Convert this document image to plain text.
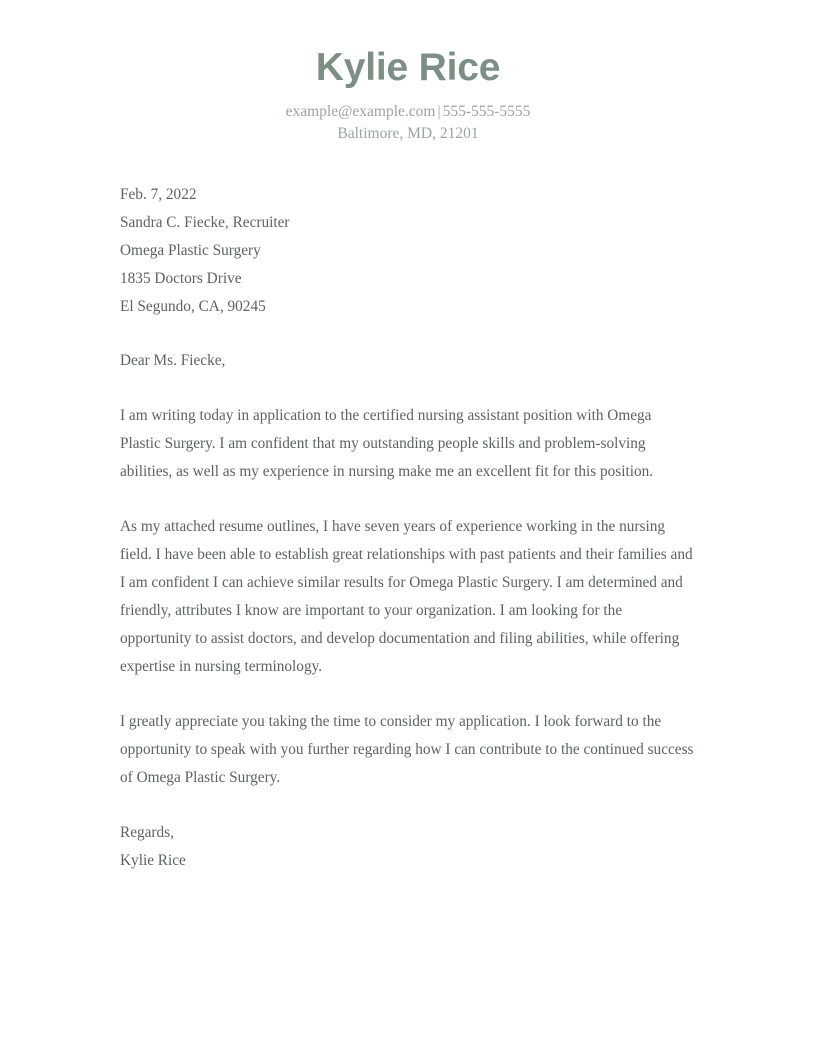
Kylie Rice

example@example.com | 555-555-5555

Baltimore, MD, 21201

Feb. 7, 2022

Sandra C. Fiecke, Recruiter

Omega Plastic Surgery

1835 Doctors Drive

El Segundo, CA, 90245

Dear Ms. Fiecke,

I am writing today in application to the certified nursing assistant position with Omega Plastic Surgery. I am confident that my outstanding people skills and problem-solving abilities, as well as my experience in nursing make me an excellent fit for this position.

As my attached resume outlines, I have seven years of experience working in the nursing field. I have been able to establish great relationships with past patients and their families and I am confident I can achieve similar results for Omega Plastic Surgery. I am determined and friendly, attributes I know are important to your organization. I am looking for the opportunity to assist doctors, and develop documentation and filing abilities, while offering expertise in nursing terminology.

I greatly appreciate you taking the time to consider my application. I look forward to the opportunity to speak with you further regarding how I can contribute to the continued success of Omega Plastic Surgery.

Regards,

Kylie Rice
